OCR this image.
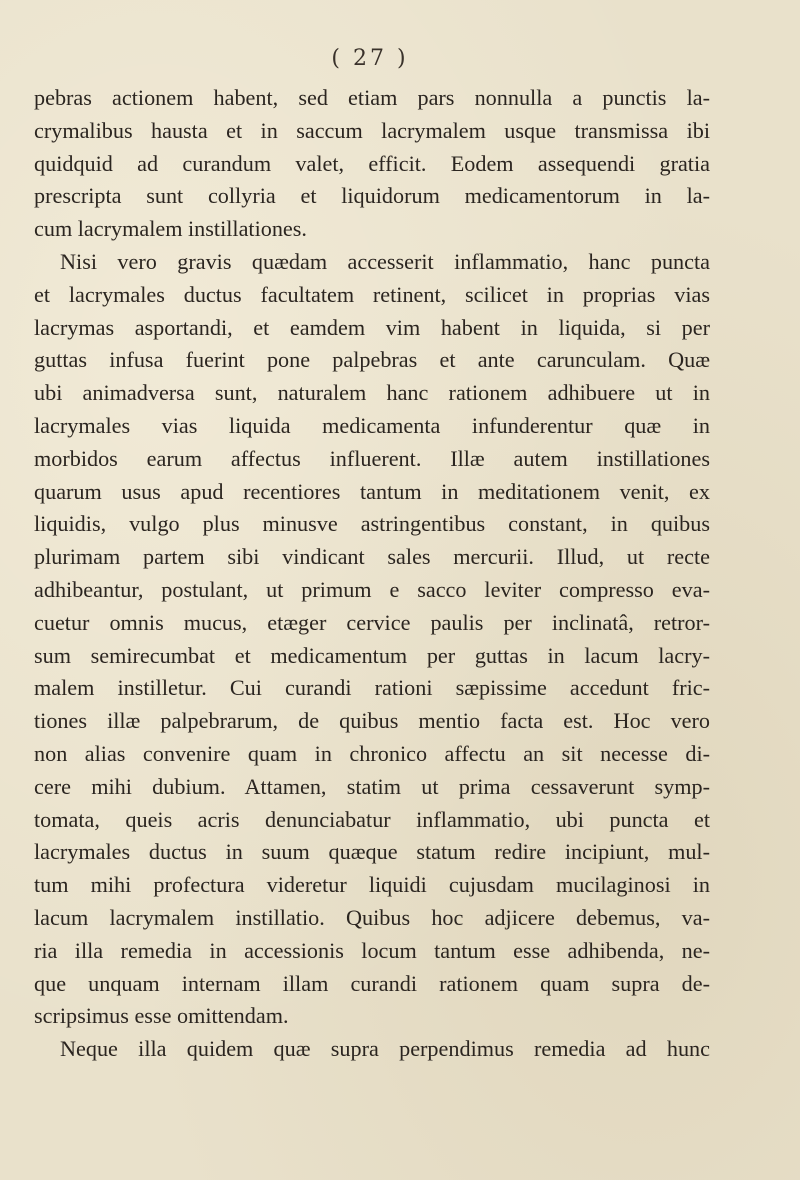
( 27 )
pebras actionem habent, sed etiam pars nonnulla a punctis la-
crymalibus hausta et in saccum lacrymalem usque transmissa ibi
quidquid ad curandum valet, efficit. Eodem assequendi gratia
prescripta sunt collyria et liquidorum medicamentorum in la-
cum lacrymalem instillationes.
Nisi vero gravis quædam accesserit inflammatio, hanc puncta
et lacrymales ductus facultatem retinent, scilicet in proprias vias
lacrymas asportandi, et eamdem vim habent in liquida, si per
guttas infusa fuerint pone palpebras et ante carunculam. Quæ
ubi animadversa sunt, naturalem hanc rationem adhibuere ut in
lacrymales vias liquida medicamenta infunderentur quæ in
morbidos earum affectus influerent. Illæ autem instillationes
quarum usus apud recentiores tantum in meditationem venit, ex
liquidis, vulgo plus minusve astringentibus constant, in quibus
plurimam partem sibi vindicant sales mercurii. Illud, ut recte
adhibeantur, postulant, ut primum e sacco leviter compresso eva-
cuetur omnis mucus, etæger cervice paulis per inclinatâ, retror-
sum semirecumbat et medicamentum per guttas in lacum lacry-
malem instilletur. Cui curandi rationi sæpissime accedunt fric-
tiones illæ palpebrarum, de quibus mentio facta est. Hoc vero
non alias convenire quam in chronico affectu an sit necesse di-
cere mihi dubium. Attamen, statim ut prima cessaverunt symp-
tomata, queis acris denunciabatur inflammatio, ubi puncta et
lacrymales ductus in suum quæque statum redire incipiunt, mul-
tum mihi profectura videretur liquidi cujusdam mucilaginosi in
lacum lacrymalem instillatio. Quibus hoc adjicere debemus, va-
ria illa remedia in accessionis locum tantum esse adhibenda, ne-
que unquam internam illam curandi rationem quam supra de-
scripsimus esse omittendam.
Neque illa quidem quæ supra perpendimus remedia ad hunc
